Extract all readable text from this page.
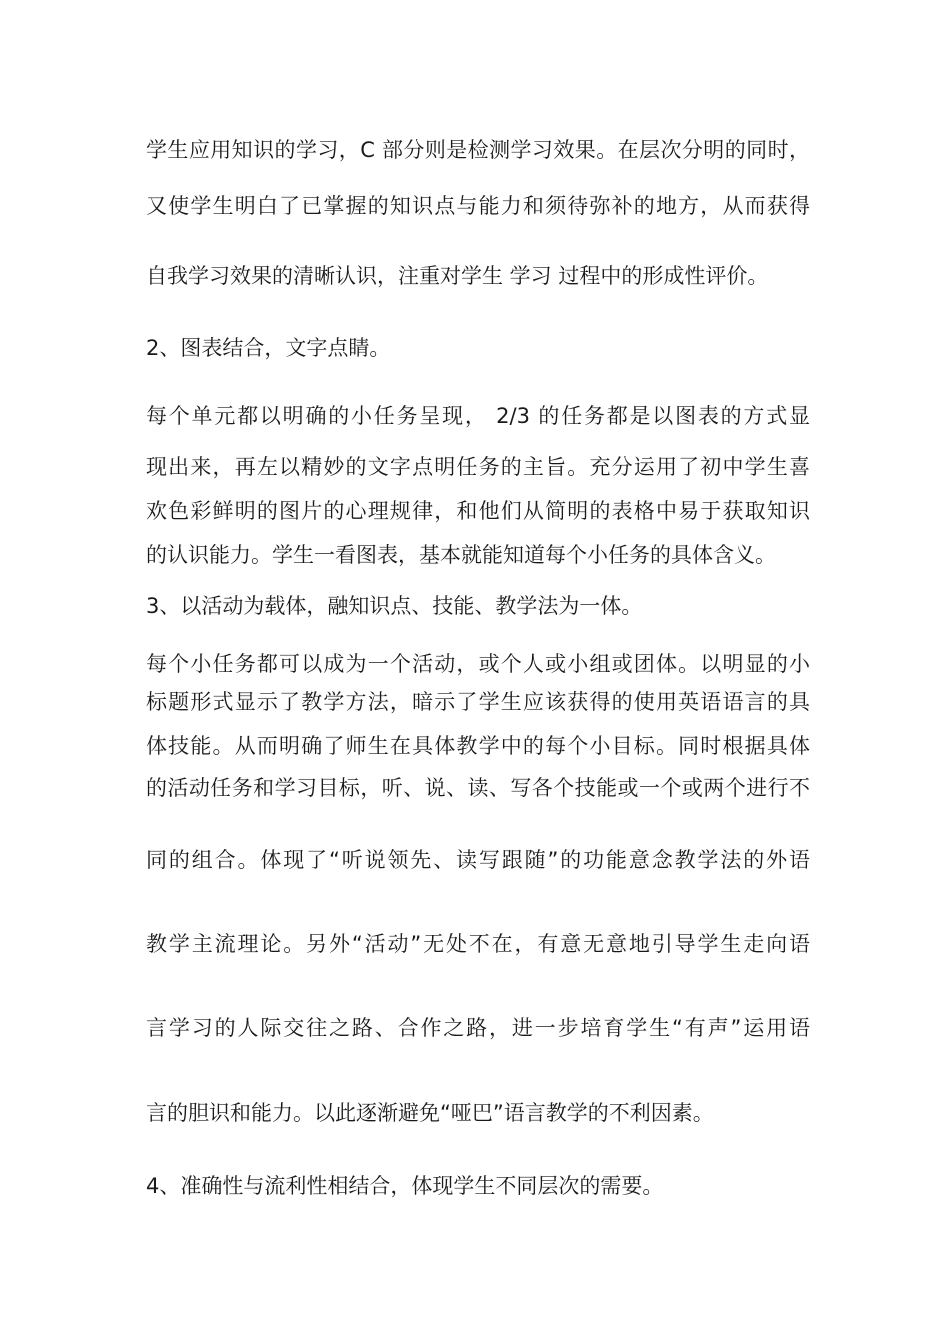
学生应用知识的学习，C 部分则是检测学习效果。在层次分明的同时，
又使学生明白了已掌握的知识点与能力和须待弥补的地方，从而获得
自我学习效果的清晰认识，注重对学生 学习 过程中的形成性评价。
2、图表结合，文字点睛。
每个单元都以明确的小任务呈现， 2/3 的任务都是以图表的方式显
现出来，再左以精妙的文字点明任务的主旨。充分运用了初中学生喜
欢色彩鲜明的图片的心理规律，和他们从简明的表格中易于获取知识
的认识能力。学生一看图表，基本就能知道每个小任务的具体含义。
3、以活动为载体，融知识点、技能、教学法为一体。
每个小任务都可以成为一个活动，或个人或小组或团体。以明显的小
标题形式显示了教学方法，暗示了学生应该获得的使用英语语言的具
体技能。从而明确了师生在具体教学中的每个小目标。同时根据具体
的活动任务和学习目标，听、说、读、写各个技能或一个或两个进行不
同的组合。体现了“听说领先、读写跟随”的功能意念教学法的外语
教学主流理论。另外“活动”无处不在，有意无意地引导学生走向语
言学习的人际交往之路、合作之路，进一步培育学生“有声”运用语
言的胆识和能力。以此逐渐避免“哑巴”语言教学的不利因素。
4、准确性与流利性相结合，体现学生不同层次的需要。
